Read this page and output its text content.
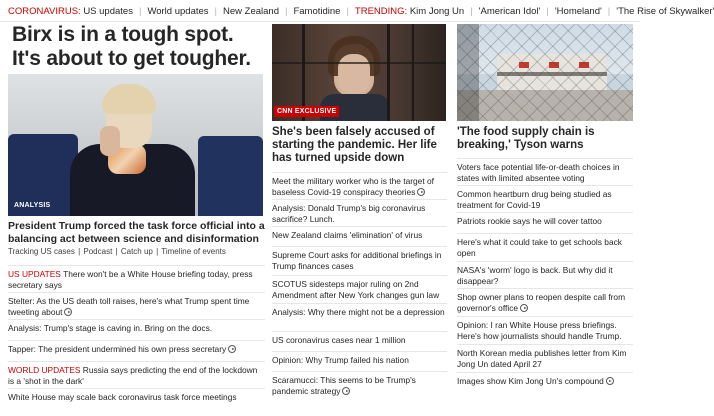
CORONAVIRUS: US updates | World updates | New Zealand | Famotidine | TRENDING: Kim Jong Un | 'American Idol' | 'Homeland' | 'The Rise of Skywalker'
Birx is in a tough spot. It's about to get tougher.
ANALYSIS
President Trump forced the task force official into a balancing act between science and disinformation
Tracking US cases | Podcast | Catch up | Timeline of events
US UPDATES There won't be a White House briefing today, press secretary says
Stelter: As the US death toll raises, here's what Trump spent time tweeting about
Analysis: Trump's stage is caving in. Bring on the docs.
Tapper: The president undermined his own press secretary
WORLD UPDATES Russia says predicting the end of the lockdown is a 'shot in the dark'
White House may scale back coronavirus task force meetings
CNN EXCLUSIVE
She's been falsely accused of starting the pandemic. Her life has turned upside down
Meet the military worker who is the target of baseless Covid-19 conspiracy theories
Analysis: Donald Trump's big coronavirus sacrifice? Lunch.
New Zealand claims 'elimination' of virus
Supreme Court asks for additional briefings in Trump finances cases
SCOTUS sidesteps major ruling on 2nd Amendment after New York changes gun law
Analysis: Why there might not be a depression
US coronavirus cases near 1 million
Opinion: Why Trump failed his nation
Scaramucci: This seems to be Trump's pandemic strategy
'The food supply chain is breaking,' Tyson warns
Voters face potential life-or-death choices in states with limited absentee voting
Common heartburn drug being studied as treatment for Covid-19
Patriots rookie says he will cover tattoo
Here's what it could take to get schools back open
NASA's 'worm' logo is back. But why did it disappear?
Shop owner plans to reopen despite call from governor's office
Opinion: I ran White House press briefings. Here's how journalists should handle Trump.
North Korean media publishes letter from Kim Jong Un dated April 27
Images show Kim Jong Un's compound
